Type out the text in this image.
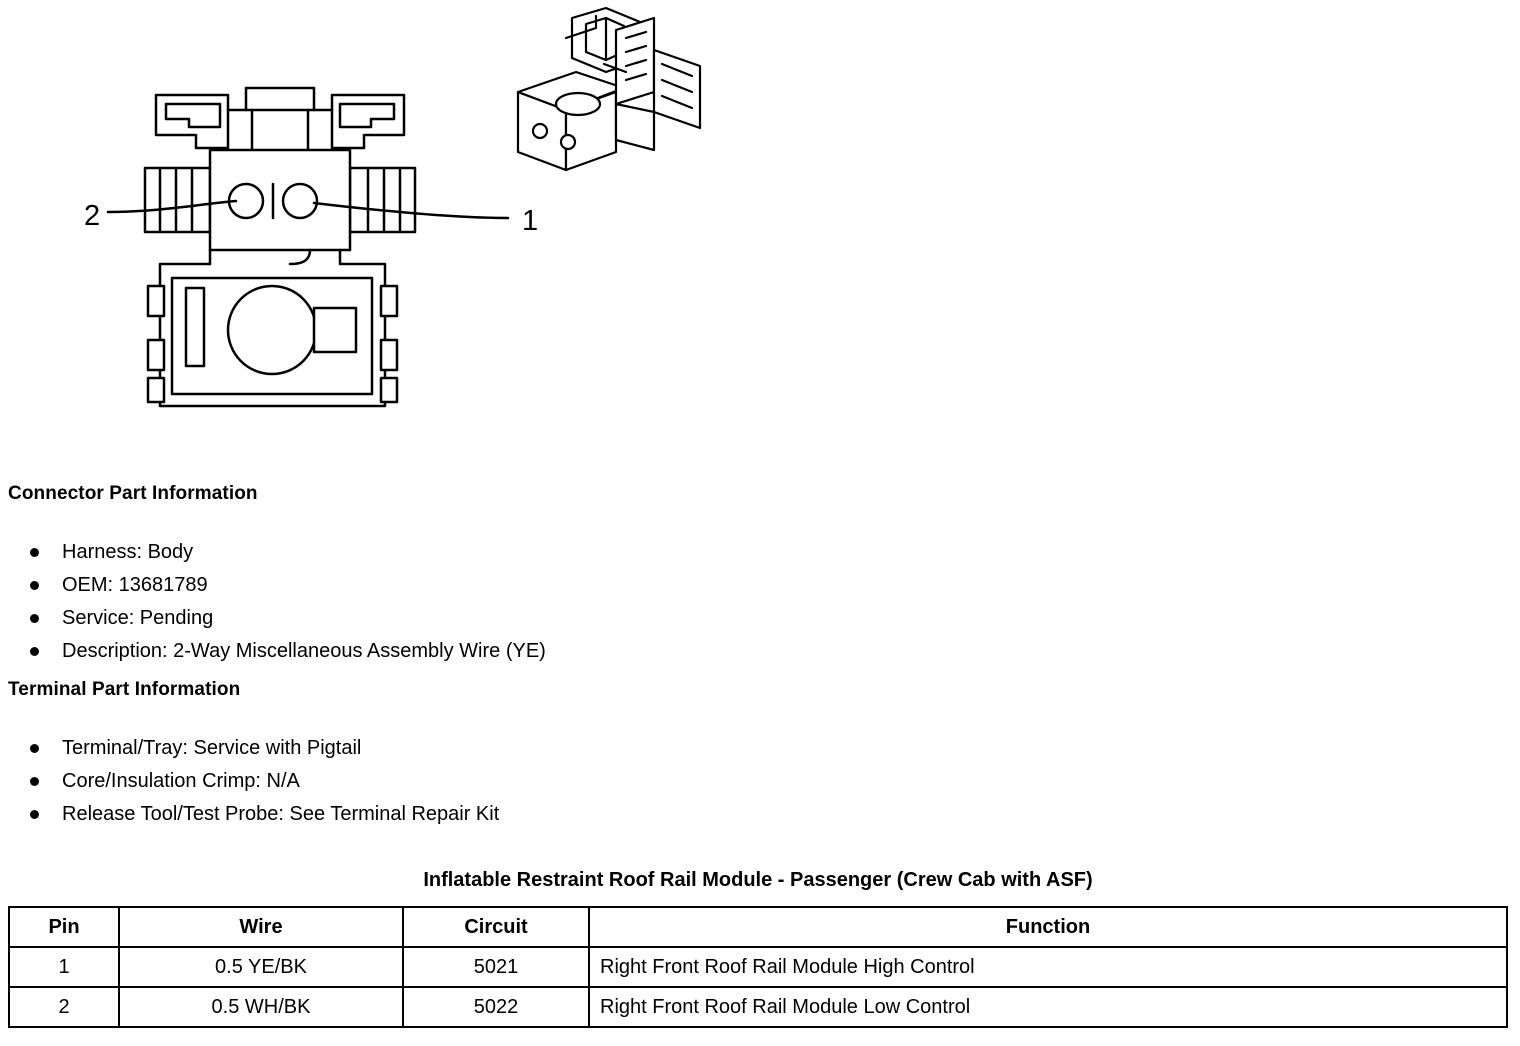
2	1
Connector Part Information
Harness: Body
OEM: 13681789
Service: Pending
Description: 2-Way Miscellaneous Assembly Wire (YE)
Terminal Part Information
Terminal/Tray: Service with Pigtail
Core/Insulation Crimp: N/A
Release Tool/Test Probe: See Terminal Repair Kit
Inflatable Restraint Roof Rail Module - Passenger (Crew Cab with ASF)
Pin	Wire	Circuit	Function
1	0.5 YE/BK	5021	Right Front Roof Rail Module High Control
2	0.5 WH/BK	5022	Right Front Roof Rail Module Low Control
